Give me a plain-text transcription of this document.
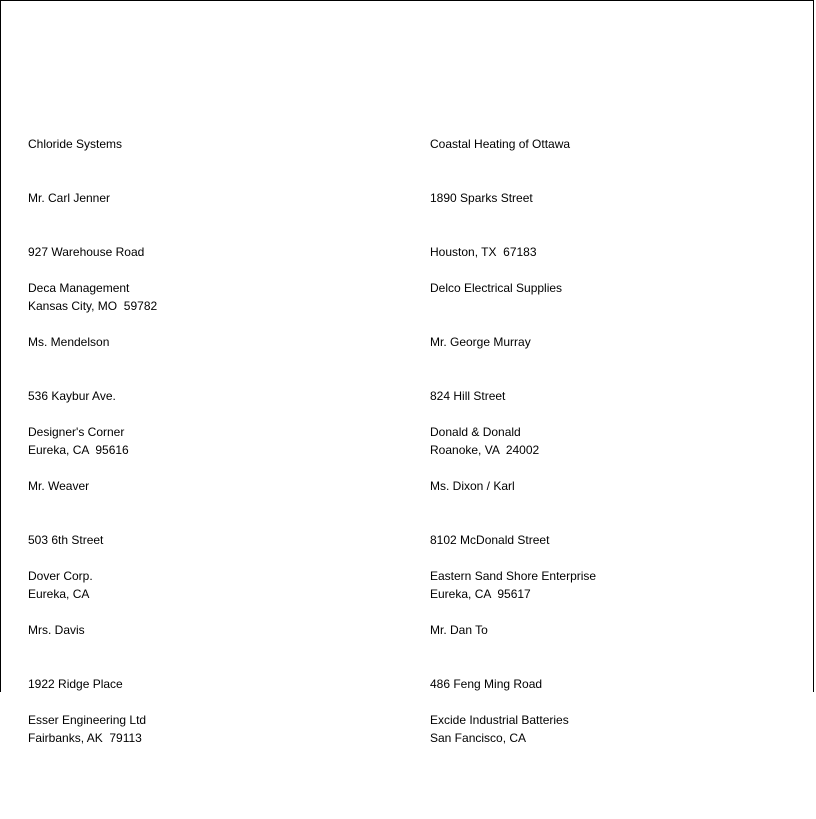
Chloride Systems

Mr. Carl Jenner

927 Warehouse Road

Kansas City, MO  59782

Coastal Heating of Ottawa

1890 Sparks Street

Houston, TX  67183

Deca Management

Ms. Mendelson

536 Kaybur Ave.

Eureka, CA  95616

Delco Electrical Supplies

Mr. George Murray

824 Hill Street

Roanoke, VA  24002

Designer's Corner

Mr. Weaver

503 6th Street

Eureka, CA

Donald & Donald

Ms. Dixon / Karl

8102 McDonald Street

Eureka, CA  95617

Dover Corp.

Mrs. Davis

1922 Ridge Place

Fairbanks, AK  79113

Eastern Sand Shore Enterprise

Mr. Dan To

486 Feng Ming Road

San Fancisco, CA

Esser Engineering Ltd

	Excide Industrial Batteries
